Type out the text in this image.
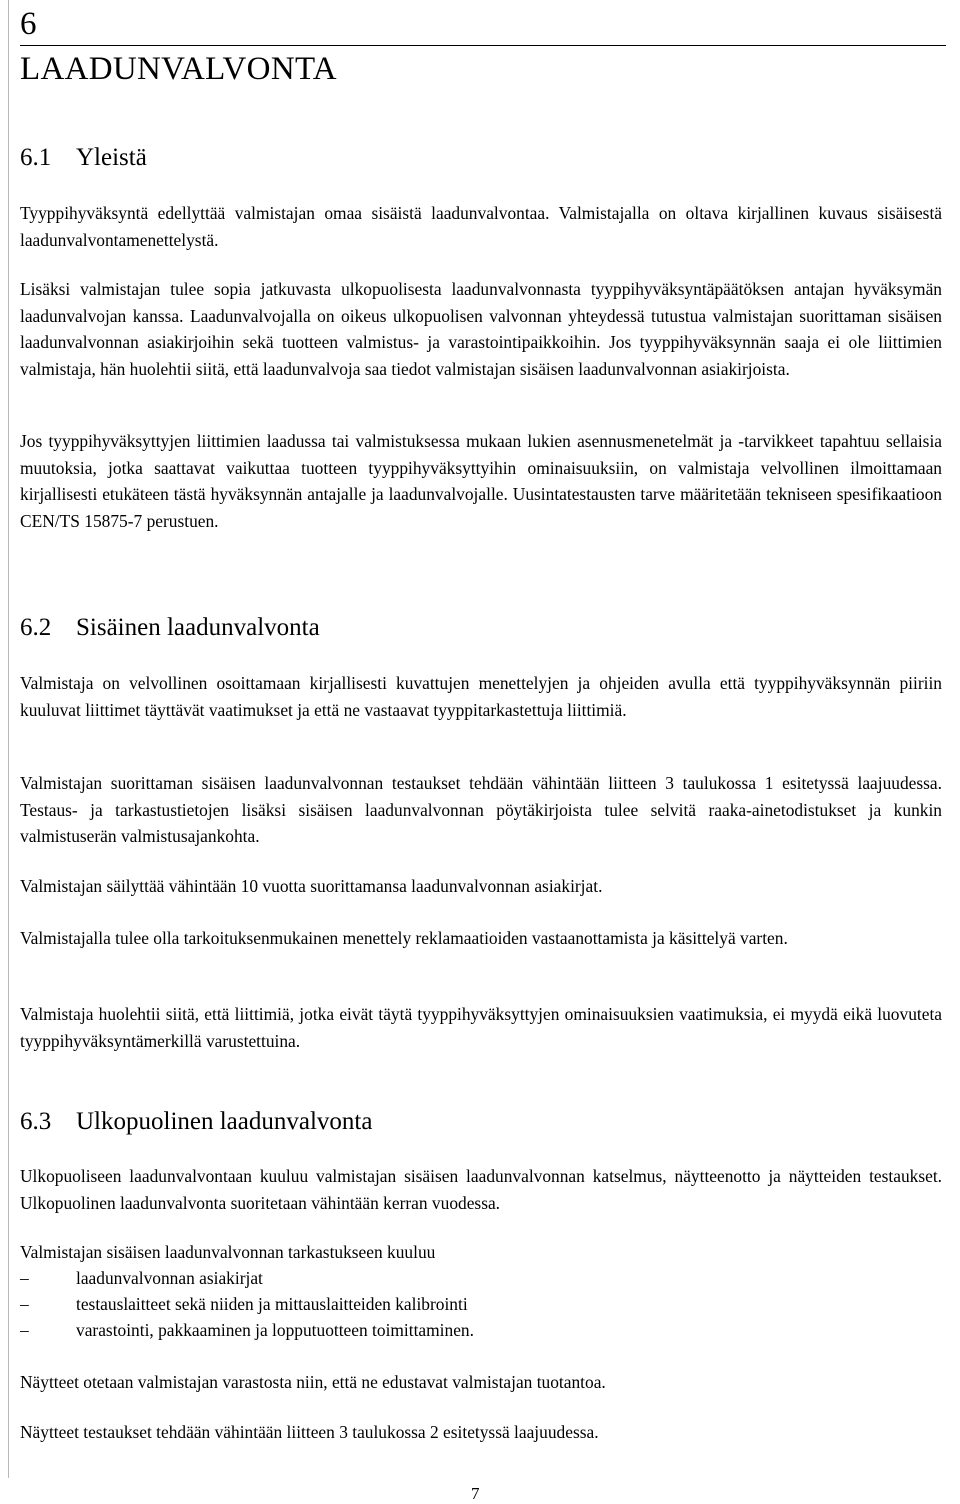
6
LAADUNVALVONTA
6.1 Yleistä

Tyyppihyväksyntä edellyttää valmistajan omaa sisäistä laadunvalvontaa. Valmistajalla on oltava kirjallinen kuvaus sisäisestä laadunvalvontamenettelystä.

Lisäksi valmistajan tulee sopia jatkuvasta ulkopuolisesta laadunvalvonnasta tyyppihyväksyntäpäätöksen antajan hyväksymän laadunvalvojan kanssa. Laadunvalvojalla on oikeus ulkopuolisen valvonnan yhteydessä tutustua valmistajan suorittaman sisäisen laadunvalvonnan asiakirjoihin sekä tuotteen valmistus- ja varastointipaikkoihin. Jos tyyppihyväksynnän saaja ei ole liittimien valmistaja, hän huolehtii siitä, että laadunvalvoja saa tiedot valmistajan sisäisen laadunvalvonnan asiakirjoista.

Jos tyyppihyväksyttyjen liittimien laadussa tai valmistuksessa mukaan lukien asennusmenetelmät ja -tarvikkeet tapahtuu sellaisia muutoksia, jotka saattavat vaikuttaa tuotteen tyyppihyväksyttyihin ominaisuuksiin, on valmistaja velvollinen ilmoittamaan kirjallisesti etukäteen tästä hyväksynnän antajalle ja laadunvalvojalle. Uusintatestausten tarve määritetään tekniseen spesifikaatioon CEN/TS 15875-7 perustuen.

6.2 Sisäinen laadunvalvonta

Valmistaja on velvollinen osoittamaan kirjallisesti kuvattujen menettelyjen ja ohjeiden avulla että tyyppihyväksynnän piiriin kuuluvat liittimet täyttävät vaatimukset ja että ne vastaavat tyyppitarkastettuja liittimiä.

Valmistajan suorittaman sisäisen laadunvalvonnan testaukset tehdään vähintään liitteen 3 taulukossa 1 esitetyssä laajuudessa. Testaus- ja tarkastustietojen lisäksi sisäisen laadunvalvonnan pöytäkirjoista tulee selvitä raaka-ainetodistukset ja kunkin valmistuserän valmistusajankohta.

Valmistajan säilyttää vähintään 10 vuotta suorittamansa laadunvalvonnan asiakirjat.

Valmistajalla tulee olla tarkoituksenmukainen menettely reklamaatioiden vastaanottamista ja käsittelyä varten.

Valmistaja huolehtii siitä, että liittimiä, jotka eivät täytä tyyppihyväksyttyjen ominaisuuksien vaatimuksia, ei myydä eikä luovuteta tyyppihyväksyntämerkillä varustettuina.

6.3 Ulkopuolinen laadunvalvonta

Ulkopuoliseen laadunvalvontaan kuuluu valmistajan sisäisen laadunvalvonnan katselmus, näytteenotto ja näytteiden testaukset. Ulkopuolinen laadunvalvonta suoritetaan vähintään kerran vuodessa.

Valmistajan sisäisen laadunvalvonnan tarkastukseen kuuluu

–	laadunvalvonnan asiakirjat
–	testauslaitteet sekä niiden ja mittauslaitteiden kalibrointi
–	varastointi, pakkaaminen ja lopputuotteen toimittaminen.

Näytteet otetaan valmistajan varastosta niin, että ne edustavat valmistajan tuotantoa.

Näytteet testaukset tehdään vähintään liitteen 3 taulukossa 2 esitetyssä laajuudessa.

7
